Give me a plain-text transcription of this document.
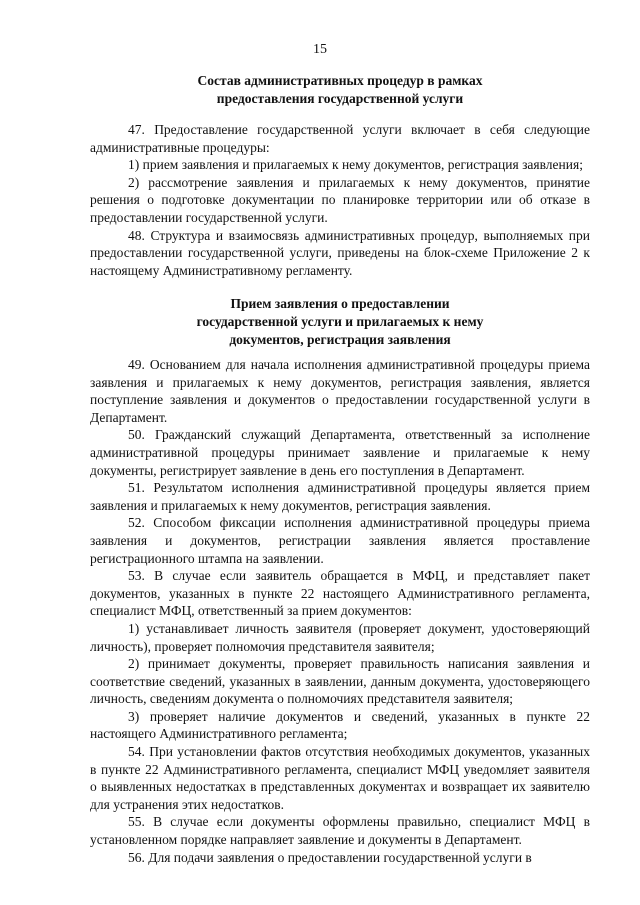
15
Состав административных процедур в рамках
предоставления государственной услуги

47. Предоставление государственной услуги включает в себя следующие административные процедуры:

1) прием заявления и прилагаемых к нему документов, регистрация заявления;

2) рассмотрение заявления и прилагаемых к нему документов, принятие решения о подготовке документации по планировке территории или об отказе в предоставлении государственной услуги.

48. Структура и взаимосвязь административных процедур, выполняемых при предоставлении государственной услуги, приведены на блок-схеме Приложение 2 к настоящему Административному регламенту.

Прием заявления о предоставлении
государственной услуги и прилагаемых к нему
документов, регистрация заявления

49. Основанием для начала исполнения административной процедуры приема заявления и прилагаемых к нему документов, регистрация заявления, является поступление заявления и документов о предоставлении государственной услуги в Департамент.

50. Гражданский служащий Департамента, ответственный за исполнение административной процедуры принимает заявление и прилагаемые к нему документы, регистрирует заявление в день его поступления в Департамент.

51. Результатом исполнения административной процедуры является прием заявления и прилагаемых к нему документов, регистрация заявления.

52. Способом фиксации исполнения административной процедуры приема заявления и документов, регистрации заявления является проставление регистрационного штампа на заявлении.

53. В случае если заявитель обращается в МФЦ, и представляет пакет документов, указанных в пункте 22 настоящего Административного регламента, специалист МФЦ, ответственный за прием документов:

1) устанавливает личность заявителя (проверяет документ, удостоверяющий личность), проверяет полномочия представителя заявителя;

2) принимает документы, проверяет правильность написания заявления и соответствие сведений, указанных в заявлении, данным документа, удостоверяющего личность, сведениям документа о полномочиях представителя заявителя;

3) проверяет наличие документов и сведений, указанных в пункте 22 настоящего Административного регламента;

54. При установлении фактов отсутствия необходимых документов, указанных в пункте 22 Административного регламента, специалист МФЦ уведомляет заявителя о выявленных недостатках в представленных документах и возвращает их заявителю для устранения этих недостатков.

55. В случае если документы оформлены правильно, специалист МФЦ в установленном порядке направляет заявление и документы в Департамент.

56. Для подачи заявления о предоставлении государственной услуги в
